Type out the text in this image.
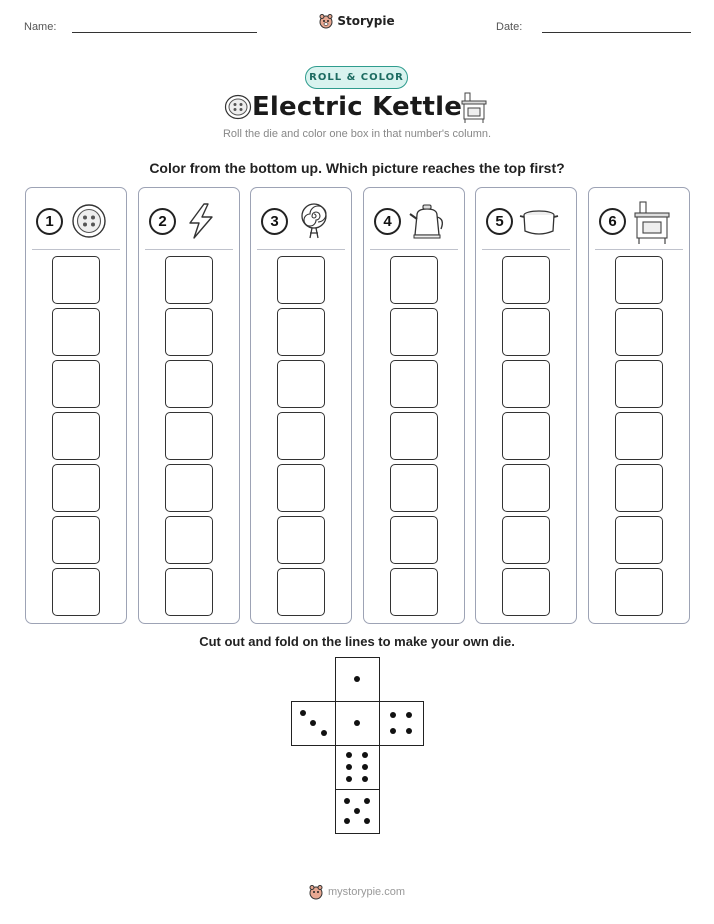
Name:	Date:
Storypie
ROLL & COLOR
Electric Kettle
Roll the die and color one box in that number's column.
Color from the bottom up. Which picture reaches the top first?
1	2	3	4	5	6
Cut out and fold on the lines to make your own die.
mystorypie.com
